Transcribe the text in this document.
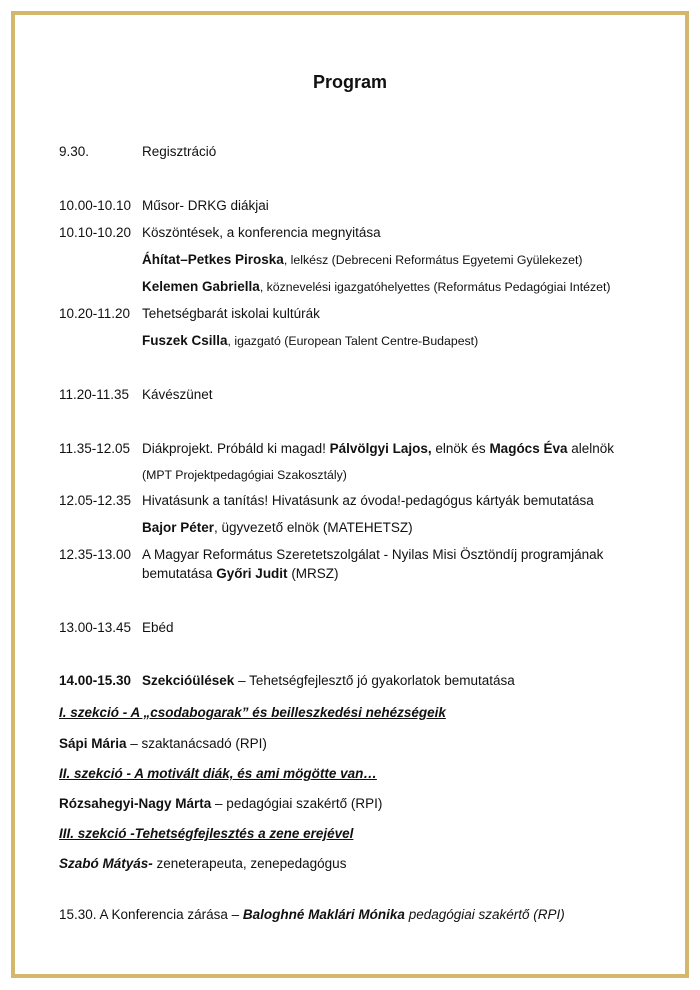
Program
9.30.	Regisztráció
10.00-10.10 Műsor- DRKG diákjai
10.10-10.20 Köszöntések, a konferencia megnyitása
Áhítat–Petkes Piroska, lelkész (Debreceni Református Egyetemi Gyülekezet)
Kelemen Gabriella, köznevelési igazgatóhelyettes (Református Pedagógiai Intézet)
10.20-11.20 Tehetségbarát iskolai kultúrák
Fuszek Csilla, igazgató (European Talent Centre-Budapest)
11.20-11.35 Kávészünet
11.35-12.05 Diákprojekt. Próbáld ki magad! Pálvölgyi Lajos, elnök és Magócs Éva alelnök
(MPT Projektpedagógiai Szakosztály)
12.05-12.35 Hivatásunk a tanítás! Hivatásunk az óvoda!-pedagógus kártyák bemutatása
Bajor Péter, ügyvezető elnök (MATEHETSZ)
12.35-13.00 A Magyar Református Szeretetszolgálat - Nyilas Misi Ösztöndíj programjának
bemutatása Győri Judit (MRSZ)
13.00-13.45 Ebéd
14.00-15.30 Szekcióülések – Tehetségfejlesztő jó gyakorlatok bemutatása
I. szekció - A „csodabogarak” és beilleszkedési nehézségeik
Sápi Mária – szaktanácsadó (RPI)
II. szekció - A motivált diák, és ami mögötte van…
Rózsahegyi-Nagy Márta – pedagógiai szakértő (RPI)
III. szekció -Tehetségfejlesztés a zene erejével
Szabó Mátyás- zeneterapeuta, zenepedagógus
15.30. A Konferencia zárása – Baloghné Maklári Mónika pedagógiai szakértő (RPI)
